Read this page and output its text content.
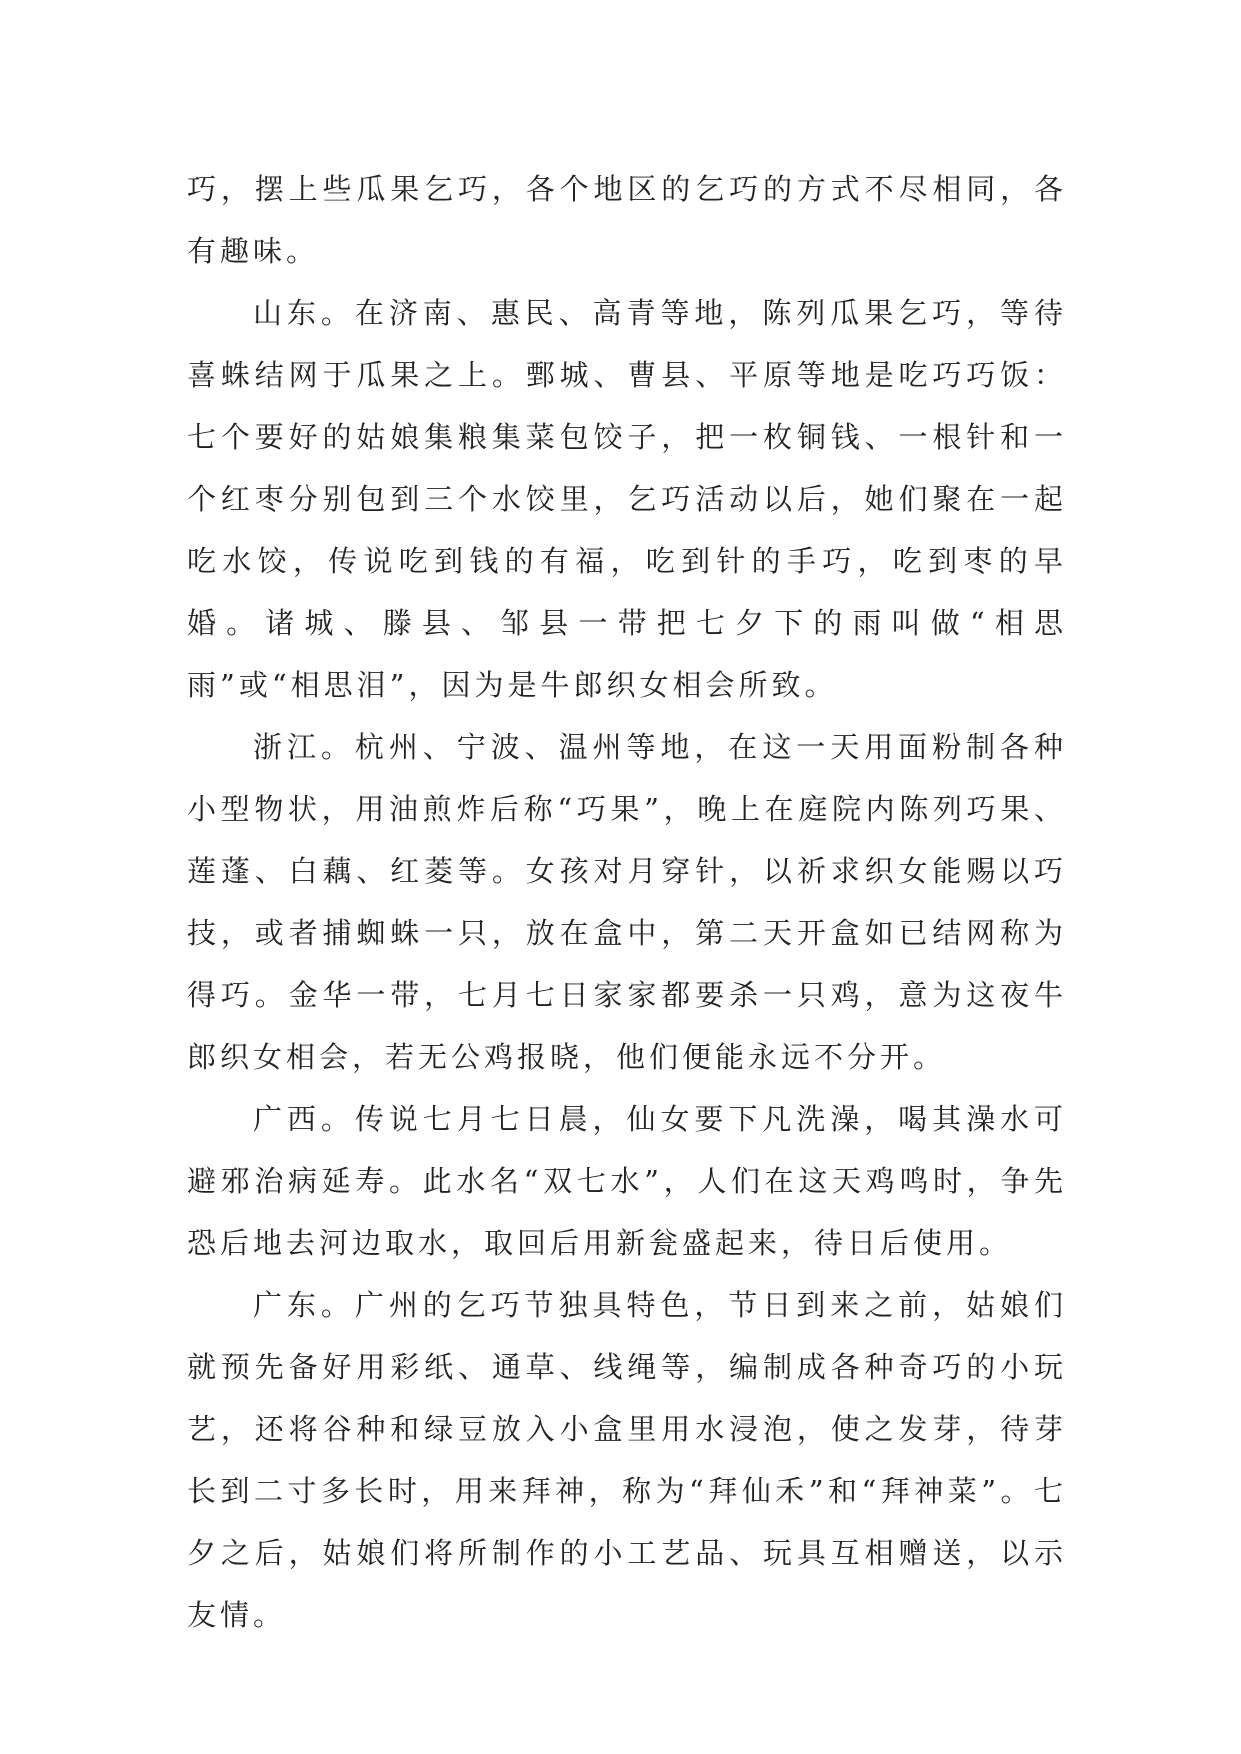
巧，摆上些瓜果乞巧，各个地区的乞巧的方式不尽相同，各有趣味。

山东。在济南、惠民、高青等地，陈列瓜果乞巧，等待喜蛛结网于瓜果之上。鄄城、曹县、平原等地是吃巧巧饭：七个要好的姑娘集粮集菜包饺子，把一枚铜钱、一根针和一个红枣分别包到三个水饺里，乞巧活动以后，她们聚在一起吃水饺，传说吃到钱的有福，吃到针的手巧，吃到枣的早婚。诸城、滕县、邹县一带把七夕下的雨叫做“相思雨”或“相思泪”，因为是牛郎织女相会所致。

浙江。杭州、宁波、温州等地，在这一天用面粉制各种小型物状，用油煎炸后称“巧果”，晚上在庭院内陈列巧果、莲蓬、白藕、红菱等。女孩对月穿针，以祈求织女能赐以巧技，或者捕蜘蛛一只，放在盒中，第二天开盒如已结网称为得巧。金华一带，七月七日家家都要杀一只鸡，意为这夜牛郎织女相会，若无公鸡报晓，他们便能永远不分开。

广西。传说七月七日晨，仙女要下凡洗澡，喝其澡水可避邪治病延寿。此水名“双七水”，人们在这天鸡鸣时，争先恐后地去河边取水，取回后用新瓮盛起来，待日后使用。

广东。广州的乞巧节独具特色，节日到来之前，姑娘们就预先备好用彩纸、通草、线绳等，编制成各种奇巧的小玩艺，还将谷种和绿豆放入小盒里用水浸泡，使之发芽，待芽长到二寸多长时，用来拜神，称为“拜仙禾”和“拜神菜”。七夕之后，姑娘们将所制作的小工艺品、玩具互相赠送，以示友情。
